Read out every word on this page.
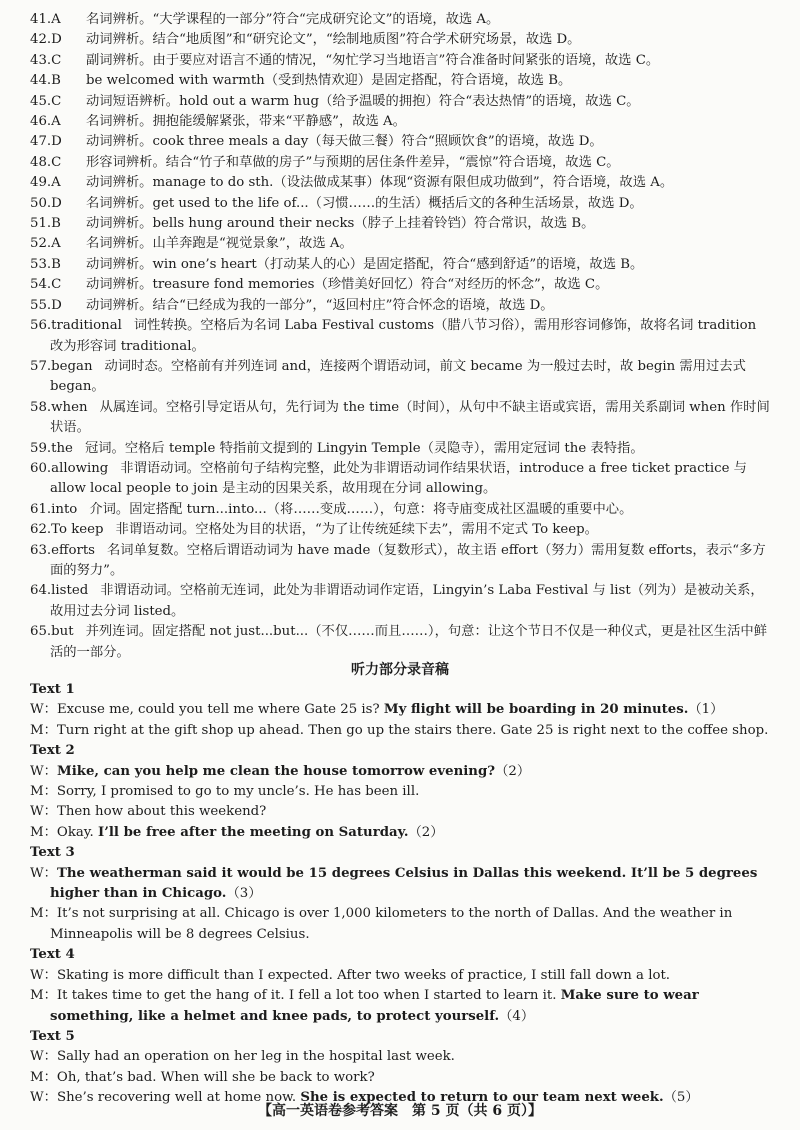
41.A	名词辨析。“大学课程的一部分”符合“完成研究论文”的语境，故选 A。
42.D	动词辨析。结合“地质图”和“研究论文”，“绘制地质图”符合学术研究场景，故选 D。
43.C	副词辨析。由于要应对语言不通的情况，“匆忙学习当地语言”符合准备时间紧张的语境，故选 C。
44.B	be welcomed with warmth（受到热情欢迎）是固定搭配，符合语境，故选 B。
45.C	动词短语辨析。hold out a warm hug（给予温暖的拥抱）符合“表达热情”的语境，故选 C。
46.A	名词辨析。拥抱能缓解紧张，带来“平静感”，故选 A。
47.D	动词辨析。cook three meals a day（每天做三餐）符合“照顾饮食”的语境，故选 D。
48.C	形容词辨析。结合“竹子和草做的房子”与预期的居住条件差异，“震惊”符合语境，故选 C。
49.A	动词辨析。manage to do sth.（设法做成某事）体现“资源有限但成功做到”，符合语境，故选 A。
50.D	名词辨析。get used to the life of...（习惯……的生活）概括后文的各种生活场景，故选 D。
51.B	动词辨析。bells hung around their necks（脖子上挂着铃铛）符合常识，故选 B。
52.A	名词辨析。山羊奔跑是“视觉景象”，故选 A。
53.B	动词辨析。win one’s heart（打动某人的心）是固定搭配，符合“感到舒适”的语境，故选 B。
54.C	动词辨析。treasure fond memories（珍惜美好回忆）符合“对经历的怀念”，故选 C。
55.D	动词辨析。结合“已经成为我的一部分”，“返回村庄”符合怀念的语境，故选 D。
56.traditional 词性转换。空格后为名词 Laba Festival customs（腊八节习俗），需用形容词修饰，故将名词 tradition 改为形容词 traditional。
57.began 动词时态。空格前有并列连词 and，连接两个谓语动词，前文 became 为一般过去时，故 begin 需用过去式 began。
58.when 从属连词。空格引导定语从句，先行词为 the time（时间），从句中不缺主语或宾语，需用关系副词 when 作时间状语。
59.the 冠词。空格后 temple 特指前文提到的 Lingyin Temple（灵隐寺），需用定冠词 the 表特指。
60.allowing 非谓语动词。空格前句子结构完整，此处为非谓语动词作结果状语，introduce a free ticket practice 与 allow local people to join 是主动的因果关系，故用现在分词 allowing。
61.into 介词。固定搭配 turn...into...（将……变成……），句意：将寺庙变成社区温暖的重要中心。
62.To keep 非谓语动词。空格处为目的状语，“为了让传统延续下去”，需用不定式 To keep。
63.efforts 名词单复数。空格后谓语动词为 have made（复数形式），故主语 effort（努力）需用复数 efforts，表示“多方面的努力”。
64.listed 非谓语动词。空格前无连词，此处为非谓语动词作定语，Lingyin’s Laba Festival 与 list（列为）是被动关系，故用过去分词 listed。
65.but 并列连词。固定搭配 not just...but...（不仅……而且……），句意：让这个节日不仅是一种仪式，更是社区生活中鲜活的一部分。
听力部分录音稿
Text 1
W：Excuse me, could you tell me where Gate 25 is? My flight will be boarding in 20 minutes.（1）
M：Turn right at the gift shop up ahead. Then go up the stairs there. Gate 25 is right next to the coffee shop.
Text 2
W：Mike, can you help me clean the house tomorrow evening?（2）
M：Sorry, I promised to go to my uncle’s. He has been ill.
W：Then how about this weekend?
M：Okay. I’ll be free after the meeting on Saturday.（2）
Text 3
W：The weatherman said it would be 15 degrees Celsius in Dallas this weekend. It’ll be 5 degrees higher than in Chicago.（3）
M：It’s not surprising at all. Chicago is over 1,000 kilometers to the north of Dallas. And the weather in Minneapolis will be 8 degrees Celsius.
Text 4
W：Skating is more difficult than I expected. After two weeks of practice, I still fall down a lot.
M：It takes time to get the hang of it. I fell a lot too when I started to learn it. Make sure to wear something, like a helmet and knee pads, to protect yourself.（4）
Text 5
W：Sally had an operation on her leg in the hospital last week.
M：Oh, that’s bad. When will she be back to work?
W：She’s recovering well at home now. She is expected to return to our team next week.（5）
【高一英语卷参考答案　第 5 页（共 6 页）】
